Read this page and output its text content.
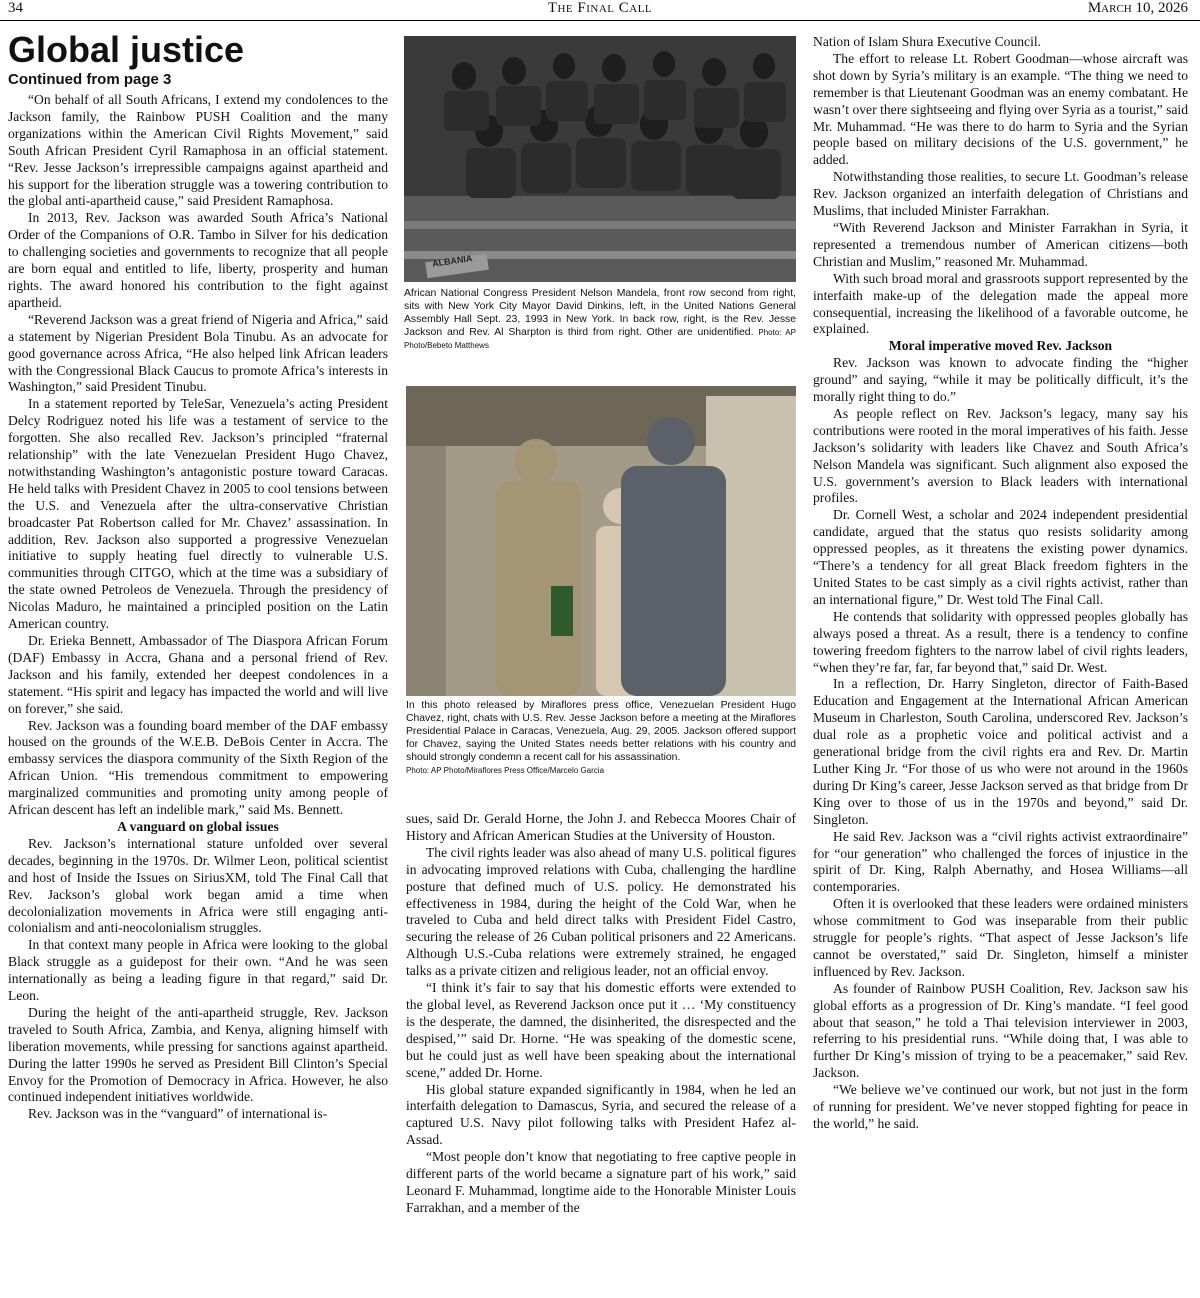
34	The Final Call	March 10, 2026
Global justice
Continued from page 3

“On behalf of all South Africans, I extend my condolences to the Jackson family, the Rainbow PUSH Coalition and the many organizations within the American Civil Rights Movement,” said South African President Cyril Ramaphosa in an official statement. “Rev. Jesse Jackson’s irrepressible campaigns against apartheid and his support for the liberation struggle was a towering contribution to the global anti-apartheid cause,” said President Ramaphosa.

In 2013, Rev. Jackson was awarded South Africa’s National Order of the Companions of O.R. Tambo in Silver for his dedication to challenging societies and governments to recognize that all people are born equal and entitled to life, liberty, prosperity and human rights. The award honored his contribution to the fight against apartheid.

“Reverend Jackson was a great friend of Nigeria and Africa,” said a statement by Nigerian President Bola Tinubu. As an advocate for good governance across Africa, “He also helped link African leaders with the Congressional Black Caucus to promote Africa’s interests in Washington,” said President Tinubu.

In a statement reported by TeleSar, Venezuela’s acting President Delcy Rodriguez noted his life was a testament of service to the forgotten. She also recalled Rev. Jackson’s principled “fraternal relationship” with the late Venezuelan President Hugo Chavez, notwithstanding Washington’s antagonistic posture toward Caracas. He held talks with President Chavez in 2005 to cool tensions between the U.S. and Venezuela after the ultra-conservative Christian broadcaster Pat Robertson called for Mr. Chavez’ assassination. In addition, Rev. Jackson also supported a progressive Venezuelan initiative to supply heating fuel directly to vulnerable U.S. communities through CITGO, which at the time was a subsidiary of the state owned Petroleos de Venezuela. Through the presidency of Nicolas Maduro, he maintained a principled position on the Latin American country.

Dr. Erieka Bennett, Ambassador of The Diaspora African Forum (DAF) Embassy in Accra, Ghana and a personal friend of Rev. Jackson and his family, extended her deepest condolences in a statement. “His spirit and legacy has impacted the world and will live on forever,” she said.

Rev. Jackson was a founding board member of the DAF embassy housed on the grounds of the W.E.B. DeBois Center in Accra. The embassy services the diaspora community of the Sixth Region of the African Union. “His tremendous commitment to empowering marginalized communities and promoting unity among people of African descent has left an indelible mark,” said Ms. Bennett.

A vanguard on global issues

Rev. Jackson’s international stature unfolded over several decades, beginning in the 1970s. Dr. Wilmer Leon, political scientist and host of Inside the Issues on SiriusXM, told The Final Call that Rev. Jackson’s global work began amid a time when decolonialization movements in Africa were still engaging anti-colonialism and anti-neocolonialism struggles.

In that context many people in Africa were looking to the global Black struggle as a guidepost for their own. “And he was seen internationally as being a leading figure in that regard,” said Dr. Leon.

During the height of the anti-apartheid struggle, Rev. Jackson traveled to South Africa, Zambia, and Kenya, aligning himself with liberation movements, while pressing for sanctions against apartheid. During the latter 1990s he served as President Bill Clinton’s Special Envoy for the Promotion of Democracy in Africa. However, he also continued independent initiatives worldwide.

Rev. Jackson was in the “vanguard” of international is-

ALBANIA
African National Congress President Nelson Mandela, front row second from right, sits with New York City Mayor David Dinkins, left, in the United Nations General Assembly Hall Sept. 23, 1993 in New York. In back row, right, is the Rev. Jesse Jackson and Rev. Al Sharpton is third from right. Other are unidentified. Photo: AP Photo/Bebeto Matthews
In this photo released by Miraflores press office, Venezuelan President Hugo Chavez, right, chats with U.S. Rev. Jesse Jackson before a meeting at the Miraflores Presidential Palace in Caracas, Venezuela, Aug. 29, 2005. Jackson offered support for Chavez, saying the United States needs better relations with his country and should strongly condemn a recent call for his assassination.
Photo: AP Photo/Miraflores Press Office/Marcelo Garcia

sues, said Dr. Gerald Horne, the John J. and Rebecca Moores Chair of History and African American Studies at the University of Houston.

The civil rights leader was also ahead of many U.S. political figures in advocating improved relations with Cuba, challenging the hardline posture that defined much of U.S. policy. He demonstrated his effectiveness in 1984, during the height of the Cold War, when he traveled to Cuba and held direct talks with President Fidel Castro, securing the release of 26 Cuban political prisoners and 22 Americans. Although U.S.-Cuba relations were extremely strained, he engaged talks as a private citizen and religious leader, not an official envoy.

“I think it’s fair to say that his domestic efforts were extended to the global level, as Reverend Jackson once put it … ‘My constituency is the desperate, the damned, the disinherited, the disrespected and the despised,’” said Dr. Horne. “He was speaking of the domestic scene, but he could just as well have been speaking about the international scene,” added Dr. Horne.

His global stature expanded significantly in 1984, when he led an interfaith delegation to Damascus, Syria, and secured the release of a captured U.S. Navy pilot following talks with President Hafez al-Assad.

“Most people don’t know that negotiating to free captive people in different parts of the world became a signature part of his work,” said Leonard F. Muhammad, longtime aide to the Honorable Minister Louis Farrakhan, and a member of the

Nation of Islam Shura Executive Council.

The effort to release Lt. Robert Goodman—whose aircraft was shot down by Syria’s military is an example. “The thing we need to remember is that Lieutenant Goodman was an enemy combatant. He wasn’t over there sightseeing and flying over Syria as a tourist,” said Mr. Muhammad. “He was there to do harm to Syria and the Syrian people based on military decisions of the U.S. government,” he added.

Notwithstanding those realities, to secure Lt. Goodman’s release Rev. Jackson organized an interfaith delegation of Christians and Muslims, that included Minister Farrakhan.

“With Reverend Jackson and Minister Farrakhan in Syria, it represented a tremendous number of American citizens—both Christian and Muslim,” reasoned Mr. Muhammad.

With such broad moral and grassroots support represented by the interfaith make-up of the delegation made the appeal more consequential, increasing the likelihood of a favorable outcome, he explained.

Moral imperative moved Rev. Jackson

Rev. Jackson was known to advocate finding the “higher ground” and saying, “while it may be politically difficult, it’s the morally right thing to do.”

As people reflect on Rev. Jackson’s legacy, many say his contributions were rooted in the moral imperatives of his faith. Jesse Jackson’s solidarity with leaders like Chavez and South Africa’s Nelson Mandela was significant. Such alignment also exposed the U.S. government’s aversion to Black leaders with international profiles.

Dr. Cornell West, a scholar and 2024 independent presidential candidate, argued that the status quo resists solidarity among oppressed peoples, as it threatens the existing power dynamics. “There’s a tendency for all great Black freedom fighters in the United States to be cast simply as a civil rights activist, rather than an international figure,” Dr. West told The Final Call.

He contends that solidarity with oppressed peoples globally has always posed a threat. As a result, there is a tendency to confine towering freedom fighters to the narrow label of civil rights leaders, “when they’re far, far, far beyond that,” said Dr. West.

In a reflection, Dr. Harry Singleton, director of Faith-Based Education and Engagement at the International African American Museum in Charleston, South Carolina, underscored Rev. Jackson’s dual role as a prophetic voice and political activist and a generational bridge from the civil rights era and Rev. Dr. Martin Luther King Jr. “For those of us who were not around in the 1960s during Dr King’s career, Jesse Jackson served as that bridge from Dr King over to those of us in the 1970s and beyond,” said Dr. Singleton.

He said Rev. Jackson was a “civil rights activist extraordinaire” for “our generation” who challenged the forces of injustice in the spirit of Dr. King, Ralph Abernathy, and Hosea Williams—all contemporaries.

Often it is overlooked that these leaders were ordained ministers whose commitment to God was inseparable from their public struggle for people’s rights. “That aspect of Jesse Jackson’s life cannot be overstated,” said Dr. Singleton, himself a minister influenced by Rev. Jackson.

As founder of Rainbow PUSH Coalition, Rev. Jackson saw his global efforts as a progression of Dr. King’s mandate. “I feel good about that season,” he told a Thai television interviewer in 2003, referring to his presidential runs. “While doing that, I was able to further Dr King’s mission of trying to be a peacemaker,” said Rev. Jackson.

“We believe we’ve continued our work, but not just in the form of running for president. We’ve never stopped fighting for peace in the world,” he said.
